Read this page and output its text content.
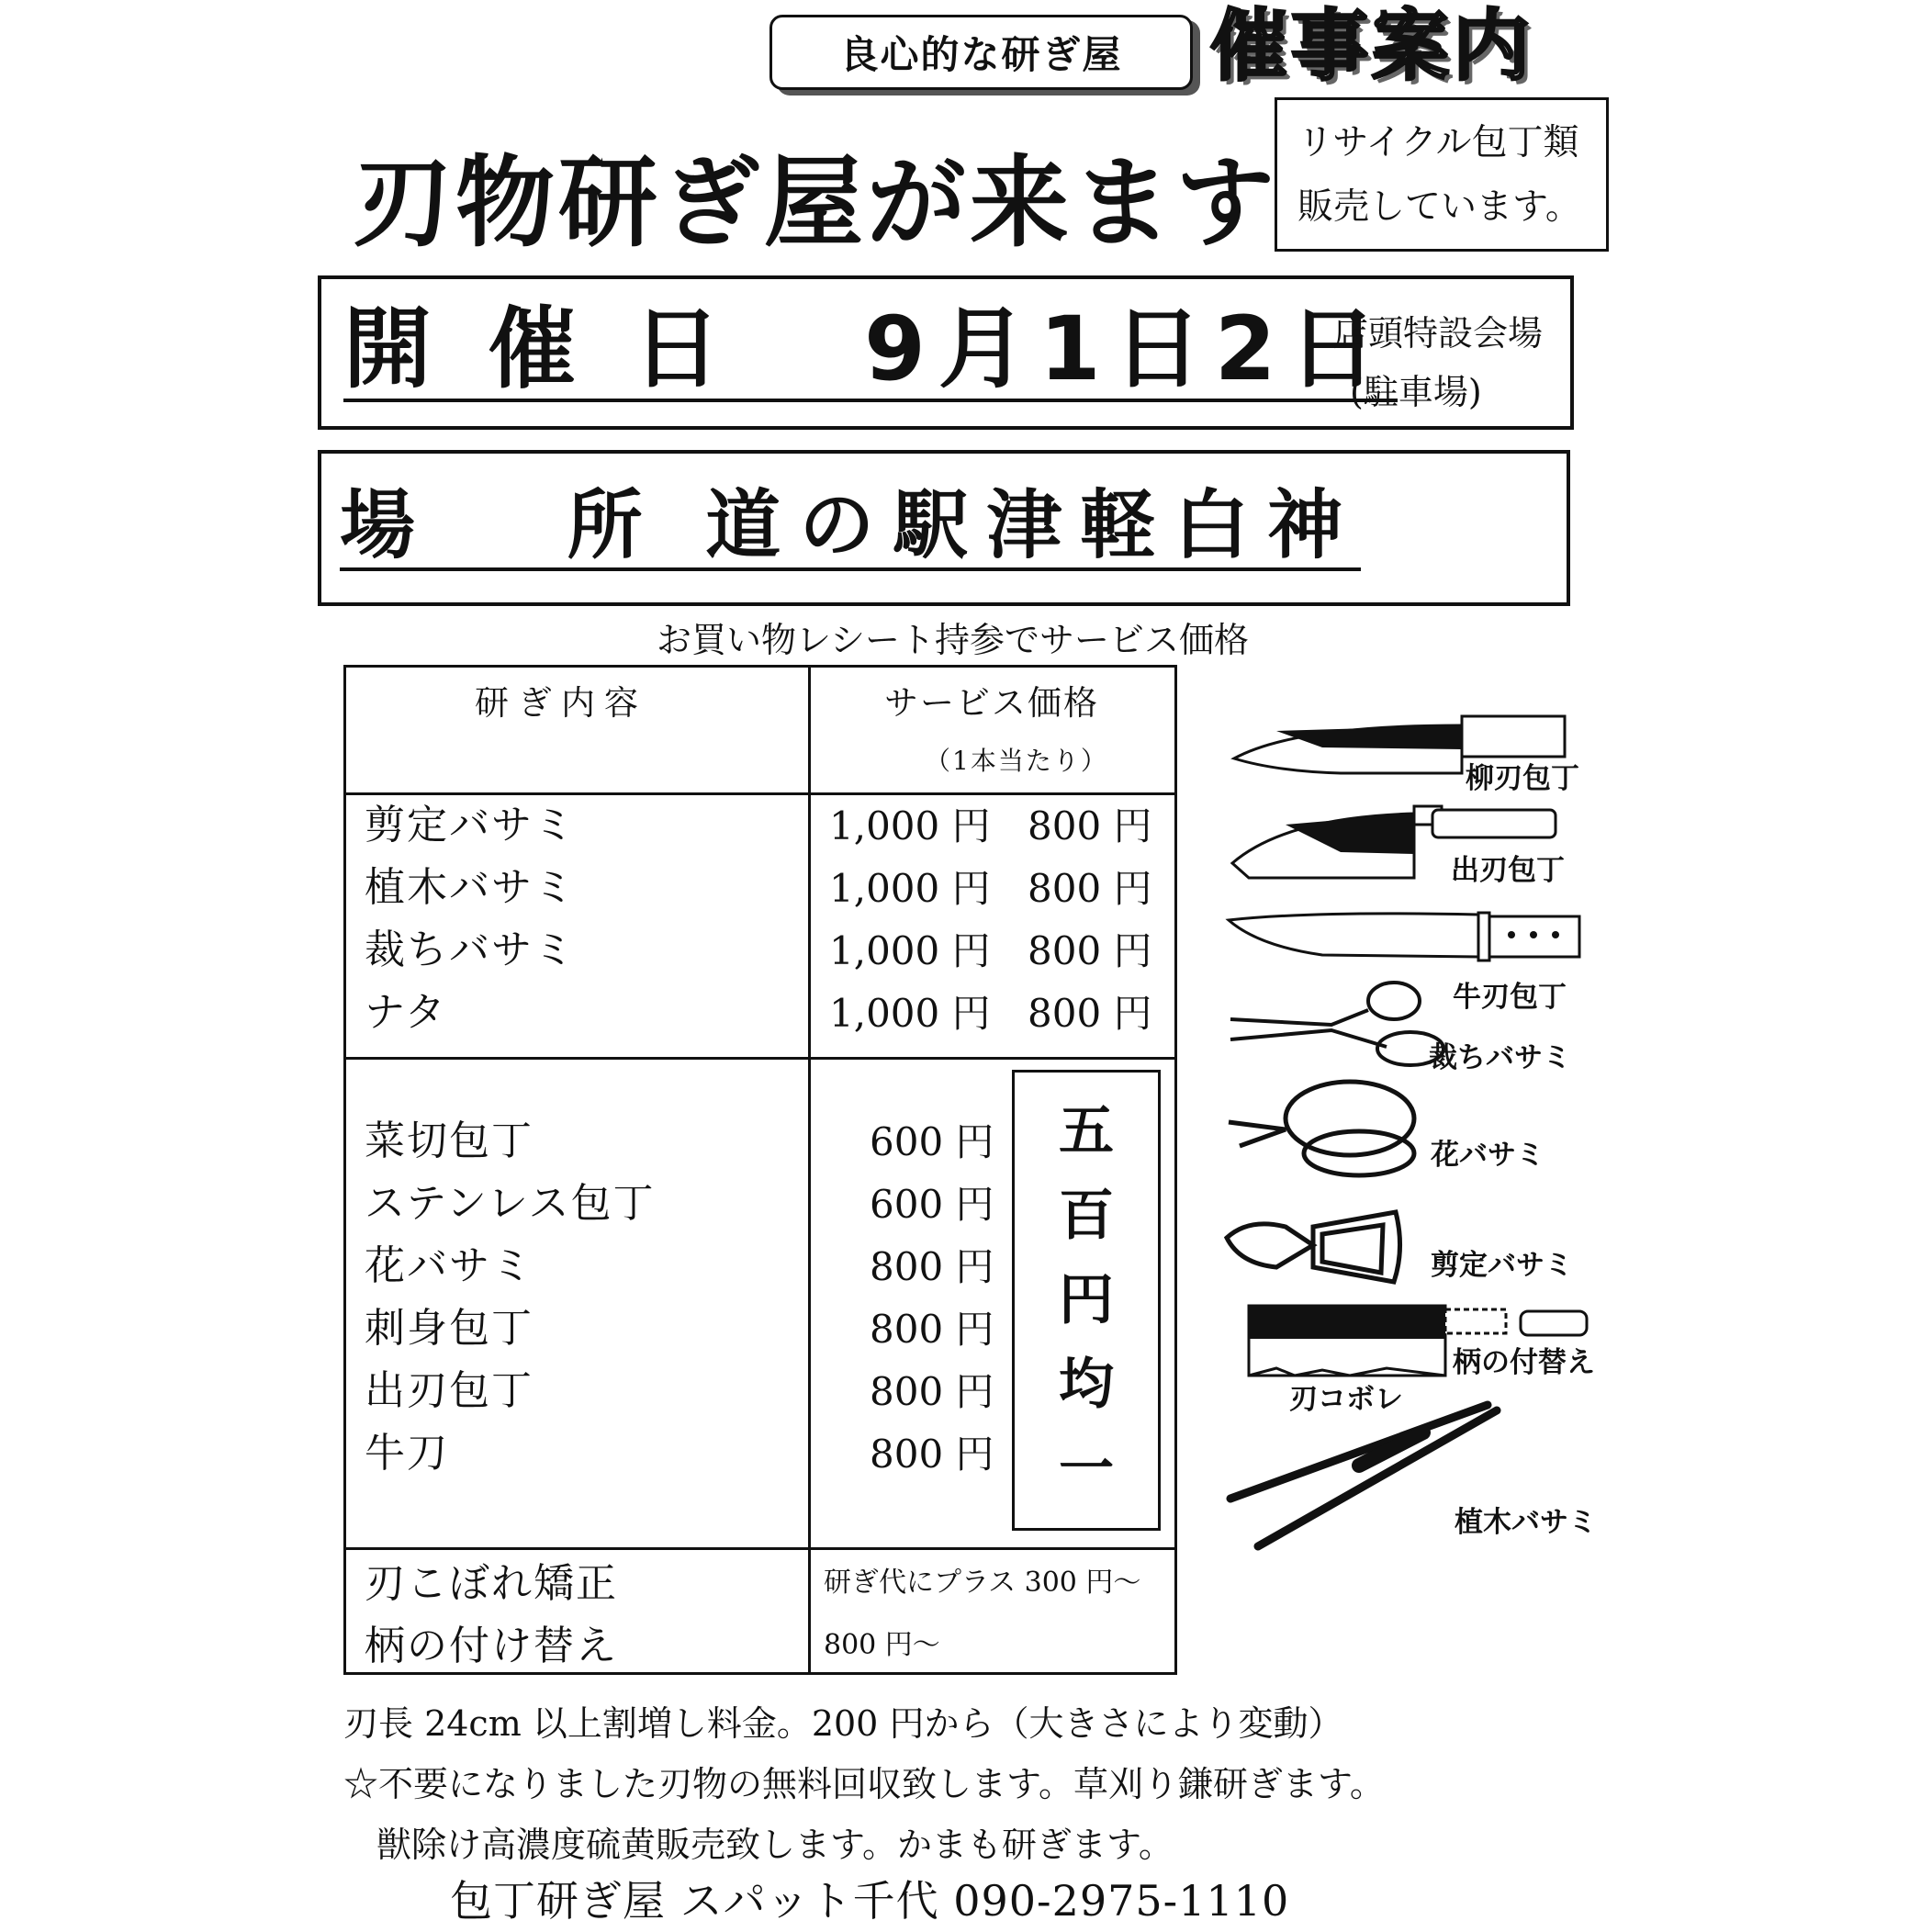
良心的な研ぎ屋	催事案内
リサイクル包丁類
販売しています。
刃物研ぎ屋が来ます
開 催 日   9月1日2日
店頭特設会場
(駐車場)
場   所 道の駅津軽白神
お買い物レシート持参でサービス価格
研ぎ内容	サービス価格
（1本当たり）
剪定バサミ	1,000 円 800 円
植木バサミ	1,000 円 800 円
裁ちバサミ	1,000 円 800 円
ナタ	1,000 円 800 円
菜切包丁	600 円
ステンレス包丁	600 円
花バサミ	800 円
刺身包丁	800 円
出刃包丁	800 円
牛刀	800 円
五
百
円
均
一
刃こぼれ矯正	研ぎ代にプラス 300 円～
柄の付け替え	800 円～
柳刃包丁
出刃包丁
牛刃包丁
裁ちバサミ
花バサミ
剪定バサミ
刃コボレ
柄の付替え
植木バサミ
刃長 24cm 以上割増し料金。200 円から（大きさにより変動）
☆不要になりました刃物の無料回収致します。草刈り鎌研ぎます。
獣除け高濃度硫黄販売致します。かまも研ぎます。
包丁研ぎ屋 スパット千代 090-2975-1110
